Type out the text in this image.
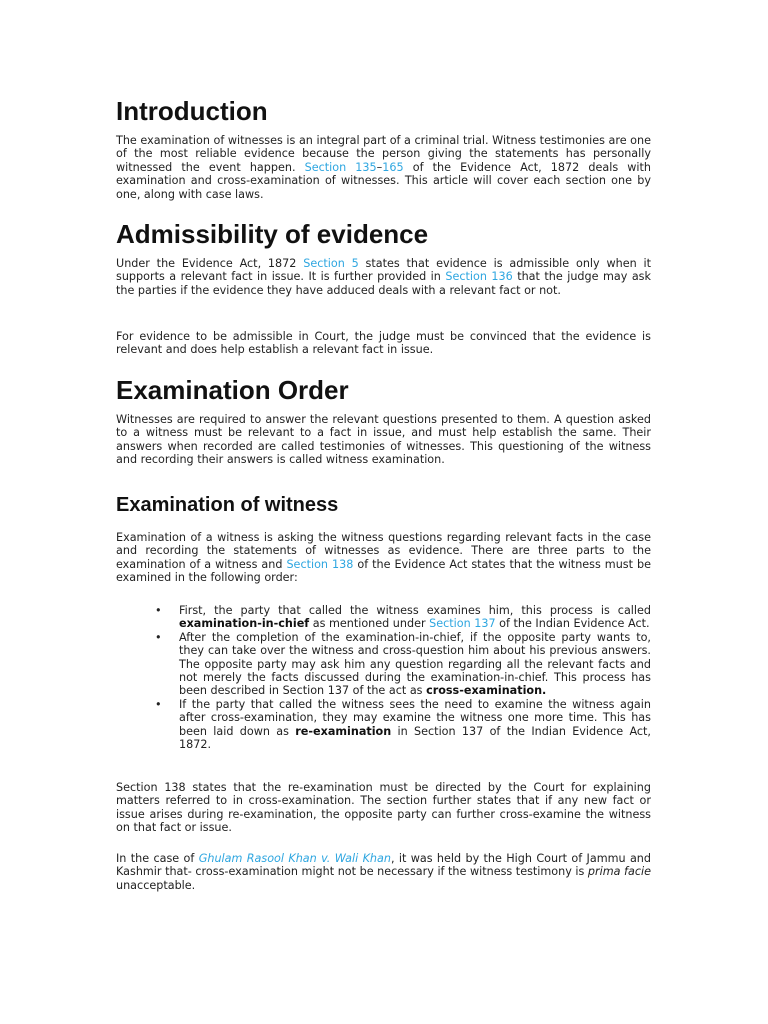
Introduction

The examination of witnesses is an integral part of a criminal trial. Witness testimonies are one of the most reliable evidence because the person giving the statements has personally witnessed the event happen. Section 135–165 of the Evidence Act, 1872 deals with examination and cross-examination of witnesses. This article will cover each section one by one, along with case laws.

Admissibility of evidence

Under the Evidence Act, 1872 Section 5 states that evidence is admissible only when it supports a relevant fact in issue. It is further provided in Section 136 that the judge may ask the parties if the evidence they have adduced deals with a relevant fact or not.

For evidence to be admissible in Court, the judge must be convinced that the evidence is relevant and does help establish a relevant fact in issue.

Examination Order

Witnesses are required to answer the relevant questions presented to them. A question asked to a witness must be relevant to a fact in issue, and must help establish the same. Their answers when recorded are called testimonies of witnesses. This questioning of the witness and recording their answers is called witness examination.

Examination of witness

Examination of a witness is asking the witness questions regarding relevant facts in the case and recording the statements of witnesses as evidence. There are three parts to the examination of a witness and Section 138 of the Evidence Act states that the witness must be examined in the following order:

• First, the party that called the witness examines him, this process is called examination-in-chief as mentioned under Section 137 of the Indian Evidence Act.
• After the completion of the examination-in-chief, if the opposite party wants to, they can take over the witness and cross-question him about his previous answers. The opposite party may ask him any question regarding all the relevant facts and not merely the facts discussed during the examination-in-chief. This process has been described in Section 137 of the act as cross-examination.
• If the party that called the witness sees the need to examine the witness again after cross-examination, they may examine the witness one more time. This has been laid down as re-examination in Section 137 of the Indian Evidence Act, 1872.

Section 138 states that the re-examination must be directed by the Court for explaining matters referred to in cross-examination. The section further states that if any new fact or issue arises during re-examination, the opposite party can further cross-examine the witness on that fact or issue.

In the case of Ghulam Rasool Khan v. Wali Khan, it was held by the High Court of Jammu and Kashmir that- cross-examination might not be necessary if the witness testimony is prima facie unacceptable.
